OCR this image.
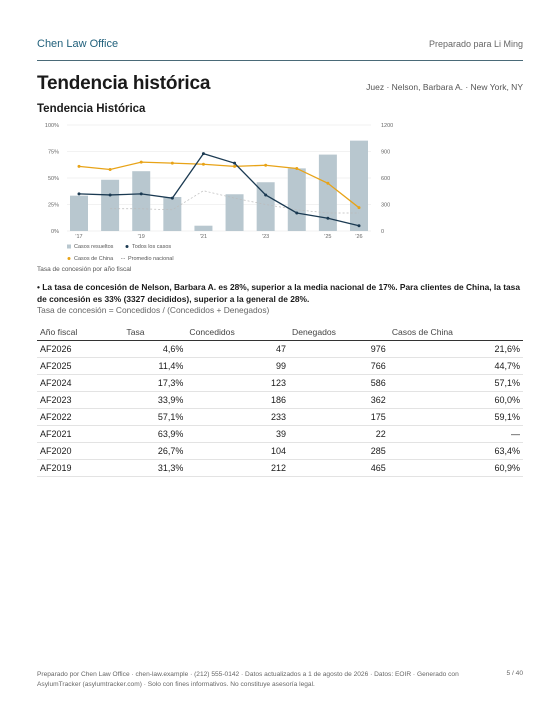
Chen Law Office	Preparado para Li Ming
Tendencia histórica	Juez · Nelson, Barbara A. · New York, NY
Tendencia Histórica
0%
25%
50%
75%
100%
0
300
600
900
1200
'17	'19	'21	'23	'25	'26
Casos resueltos	Todos los casos
Casos de China	Promedio nacional
Tasa de concesión por año fiscal
• La tasa de concesión de Nelson, Barbara A. es 28%, superior a la media nacional de 17%. Para clientes de China, la tasa de concesión es 33% (3327 decididos), superior a la general de 28%.
Tasa de concesión = Concedidos / (Concedidos + Denegados)
Año fiscal	Tasa	Concedidos	Denegados	Casos de China
AF2026	4,6%	47	976	21,6%
AF2025	11,4%	99	766	44,7%
AF2024	17,3%	123	586	57,1%
AF2023	33,9%	186	362	60,0%
AF2022	57,1%	233	175	59,1%
AF2021	63,9%	39	22	—
AF2020	26,7%	104	285	63,4%
AF2019	31,3%	212	465	60,9%
Preparado por Chen Law Office · chen-law.example · (212) 555-0142 · Datos actualizados a 1 de agosto de 2026 · Datos: EOIR · Generado con AsylumTracker (asylumtracker.com) · Solo con fines informativos. No constituye asesoría legal.
5 / 40
